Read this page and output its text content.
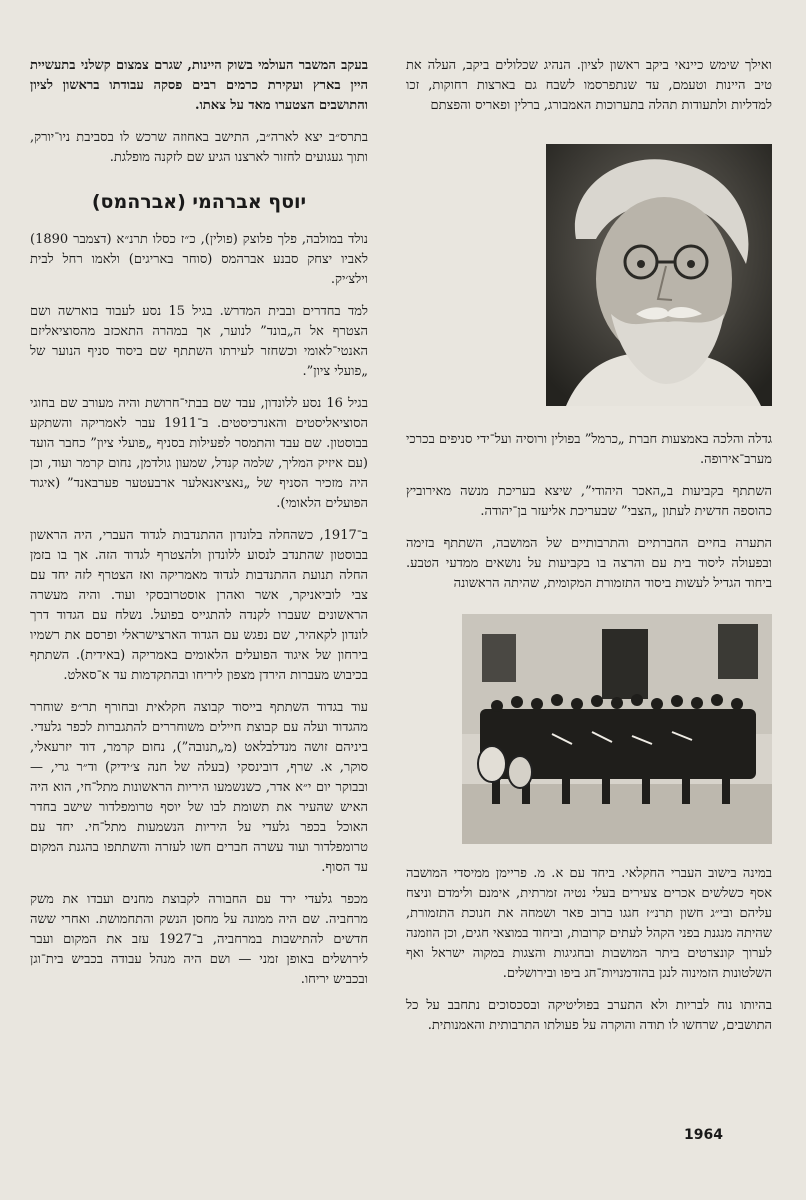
ואילך שימש כיינאי ביקב ראשון לציון. הנהיג שכלולים ביקב, העלה את טיב היינות וטעמם, עד שנתפרסמו לשבח גם בארצות רחוקות, זכו למדליות ולתעודות תהלה בתערוכות האמבורג, ברלין ופאריס והפצתם

גדלה והלכה באמצעות חברת „כרמל” בפולין ורוסיה ועל־ידי סניפים בכרכי מערב־אירופה.

השתתף בקביעות ב„האכר היהודי”, שיצא בעריכת מנשה מאירוביץ כהוספה חדשית לעתון „הצבי” שבעריכת אליעזר בן־יהודה.

התערה בחיים החברתיים והתרבותיים של המושבה, השתתף בזימה ובפעולה ליסוד בית עם והרצה בו בקביעות על נושאים ממדעי הטבע. ביחוד הגדיל לעשות ביסוד התזמורת המקומית, שהיתה הראשונה

במינה בישוב העברי החקלאי. ביחד עם א. מ. פריימן ממיסדי המושבה אסף כשלשים אכרים צעירים בעלי נטיה זמרתית, אימנם ולימדם וניצח עליהם ובי״ג חשון תרנ״ז חגגו ברוב פאר ושמחה את חנוכת התזמורת, שהיתה מנגנת בפני הקהל לעתים קרובות, וביחוד במוצאי חגים, וכן הוזמנה לערוך קונצרטים ביתר המושבות ובחגיגות והצגות במקוה ישראל ואף השלטונות הזמינוה לנגן בהזדמנויות־חג ביפו ובירושלים.

בהיותו נוח לבריות ולא התערב בפוליטיקה ובסכסוכים נתחבב על כל התושבים, שרחשו לו תודה והוקרה על פעולתו התרבותית והאמנותית.

בעקב המשבר העולמי בשוק היינות, שגרם צמצום קשלני בתעשיית היין בארץ ועקירת כרמים רבים פסקה עבודתו בראשון לציון והתושבים הצטערו מאד על צאתו.

בתרס״ב יצא לארה״ב, התישב באחוזה שרכש לו בסביבת ניו־יורק, ותוך געגועים לחזור לארצנו הגיע שם לזקנה מופלגת.

יוסף אברהמי (אברהמס)

נולד במולבה, פלך פלוצק (פולין), כ״ז כסלו תרנ״א (דצמבר 1890) לאביו יצחק סבנע אברהמס (סוחר באריגים) ולאמו רחל לבית וילצ׳יק.

למד בחדרים ובבית המדרש. בגיל 15 נסע לעבוד בוארשה ושם הצטרף אל ה„בונד” לנוער, אך במהרה התאכזב מהסוציאליזם האנטי־לאומי וכשחזר לעירתו השתתף שם ביסוד סניף הנוער של „פועלי ציון”.

בגיל 16 נסע ללונדון, עבד שם בבתי־חרושת והיה מעורב שם בחוגי הסוציאליסטים והאנרכיסטים. ב־1911 עבר לאמריקה והשתקע בבוסטון. שם עבד והתמסר לפעילות בסניף „פועלי ציון” כחבר הועד (עם איזיק המליך, שלמה קנדל, שמעון גולדמן, נחום קרמר ועוד, וכן היה מזכיר הסניף של „נאציאנאלער ארבעטער פערבאנד” (איגוד הפועלים הלאומי).

ב־1917, כשהחלה בלונדון ההתנדבות לגדוד העברי, היה הראשון בבוסטון שהתנדב לנסוע ללונדון ולהצטרף לגדוד הזה. אך בו בזמן החלה תנועת ההתנדבות לגדוד מאמריקה ואז הצטרף לזה יחד עם צבי לוביאניקר, אשר ואהרן אוסטרובסקי ועוד. והיה מעשרה הראשונים שעברו לקנדה להתגייס בפועל. נשלח עם הגדוד דרך לונדון לקאהיר, שם נפגש עם הגדוד הארצישראלי ופרסם את רשמיו בירחון של איגוד הפועלים הלאומים באמריקה (באידית). השתתף בכיבוש מעברות הירדן מצפון ליריחו ובהתקדמות עד א־סאלט.

עוד בגדוד השתתף בייסוד קבוצה חקלאית ובחורף תר״פ שוחרר מהגדוד ועלה עם קבוצת חיילים משוחררים להתגברות לכפר גלעדי. ביניהם זושה מנדלבלאט (מ„תנובה”), נחום קרמר, דוד יזרעאלי, סוקר, א. שרף, דובינסקי (בעלה של חנה צ׳ידיק) וד״ר גרי, — ובבוקר יום י״א אדר, כשנשמעו היריות הראשונות מתל־חי, הוא היה האיש שהעיר את תשומת לבו של יוסף טרומפלדור שישב בחדר האוכל בכפר גלעדי על היריות הנשמעות מתל־חי. יחד עם טרומפלדור ועוד עשרה חברים חשו לעזרה והשתתפו בהגנת המקום עד הסוף.

מכפר גלעדי ירד עם החבורה לקבוצת מחנים ועבדו את משק מרחביה. שם היה ממונה על מחסן הנשק והתחמושת. ואחרי ששה חדשים להתישבות במרחביה, ב־1927 עזב את המקום ועבר לירושלים באופן זמני — ושם היה מנהל עבודה בכביש בית־וגן ובכביש יריחו.

1964
